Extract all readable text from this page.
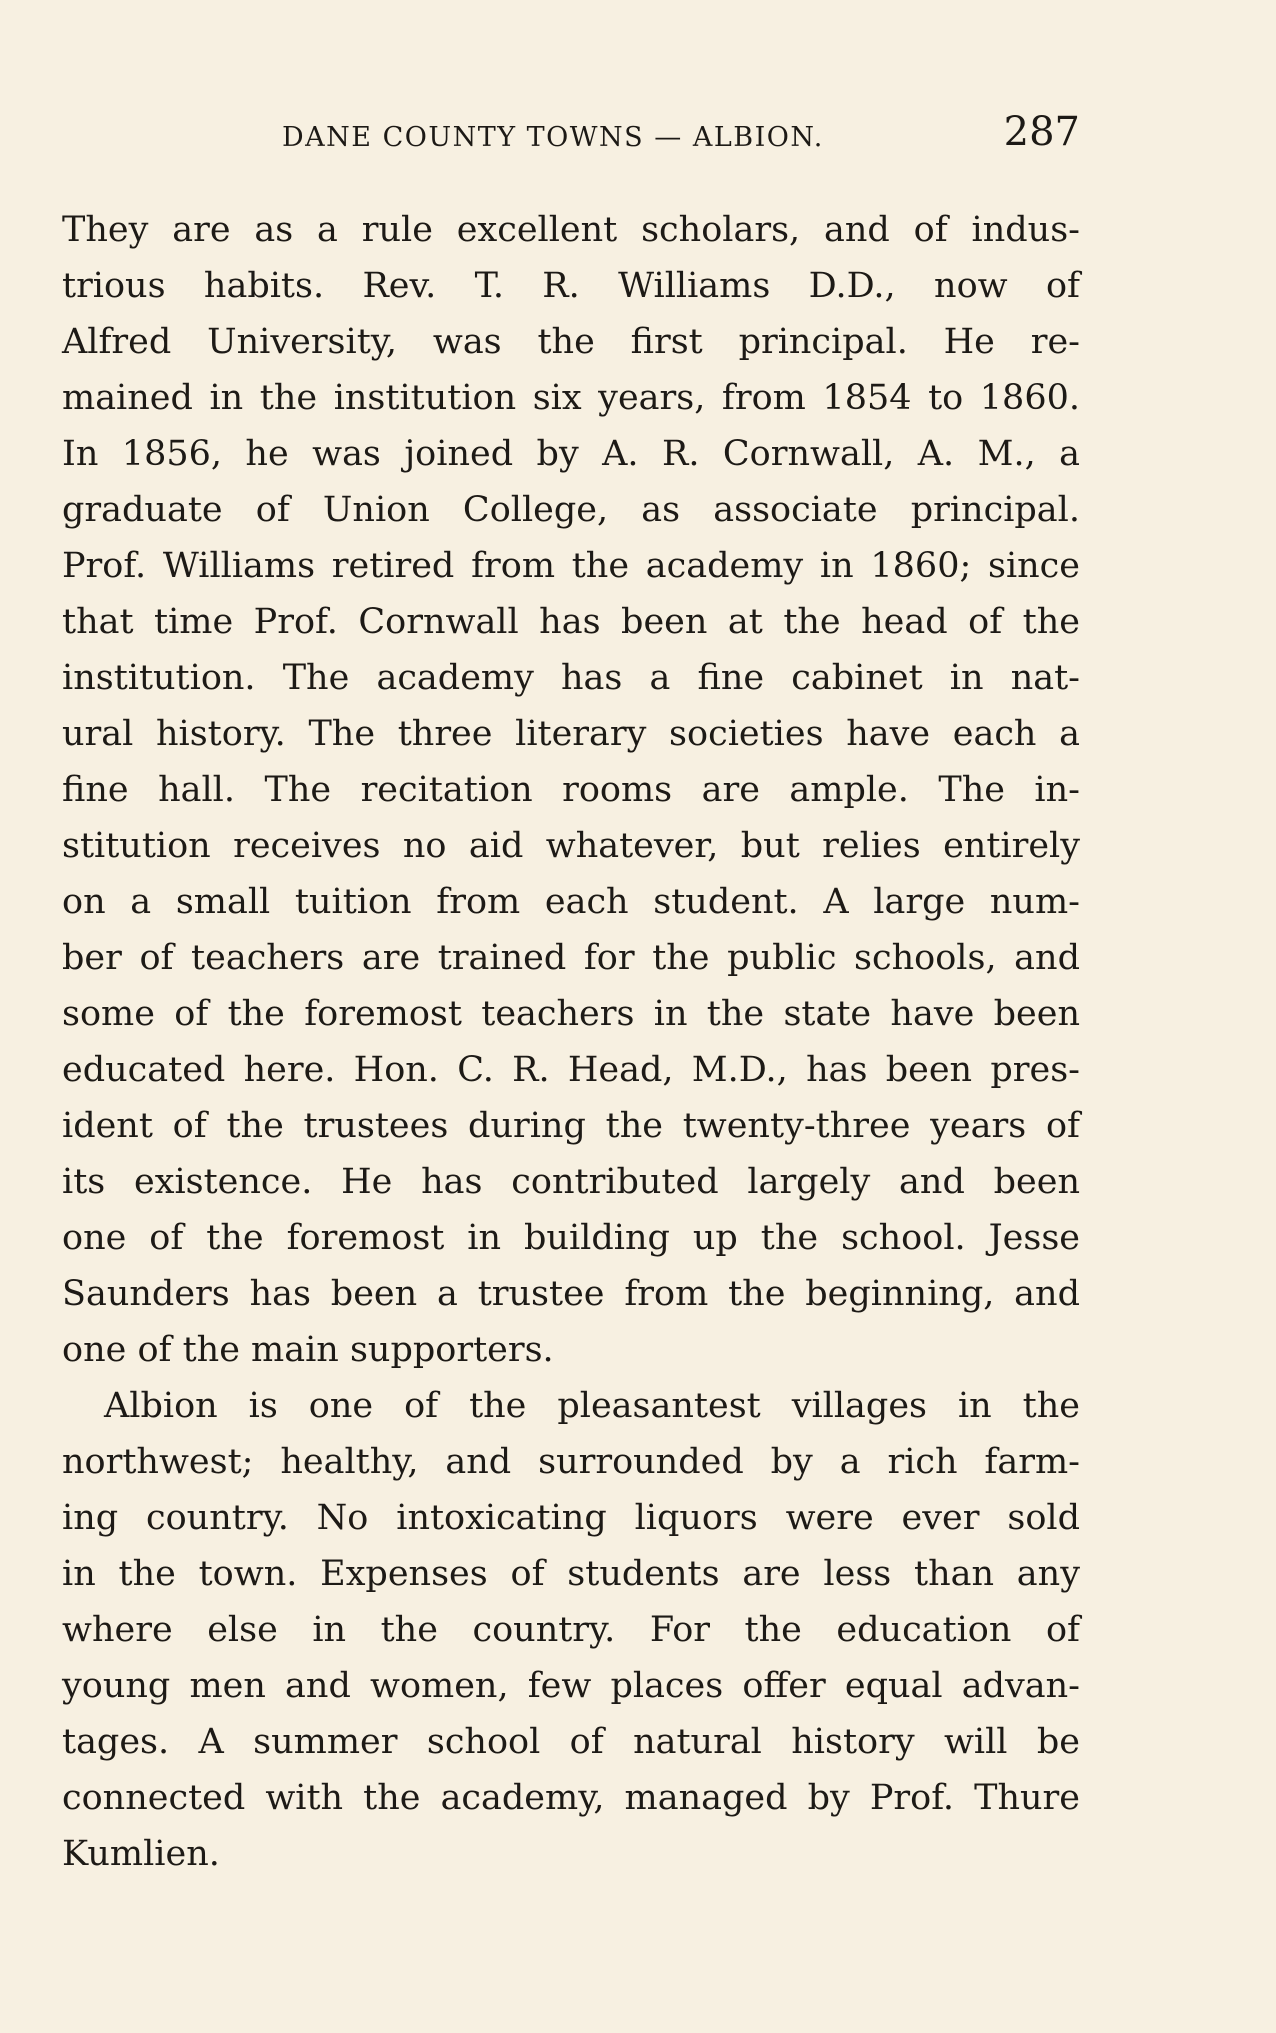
DANE COUNTY TOWNS — ALBION.	287
They are as a rule excellent scholars, and of indus-
trious habits. Rev. T. R. Williams D.D., now of
Alfred University, was the first principal. He re-
mained in the institution six years, from 1854 to 1860.
In 1856, he was joined by A. R. Cornwall, A. M., a
graduate of Union College, as associate principal.
Prof. Williams retired from the academy in 1860; since
that time Prof. Cornwall has been at the head of the
institution. The academy has a fine cabinet in nat-
ural history. The three literary societies have each a
fine hall. The recitation rooms are ample. The in-
stitution receives no aid whatever, but relies entirely
on a small tuition from each student. A large num-
ber of teachers are trained for the public schools, and
some of the foremost teachers in the state have been
educated here. Hon. C. R. Head, M.D., has been pres-
ident of the trustees during the twenty-three years of
its existence. He has contributed largely and been
one of the foremost in building up the school. Jesse
Saunders has been a trustee from the beginning, and
one of the main supporters.
Albion is one of the pleasantest villages in the
northwest; healthy, and surrounded by a rich farm-
ing country. No intoxicating liquors were ever sold
in the town. Expenses of students are less than any
where else in the country. For the education of
young men and women, few places offer equal advan-
tages. A summer school of natural history will be
connected with the academy, managed by Prof. Thure
Kumlien.
